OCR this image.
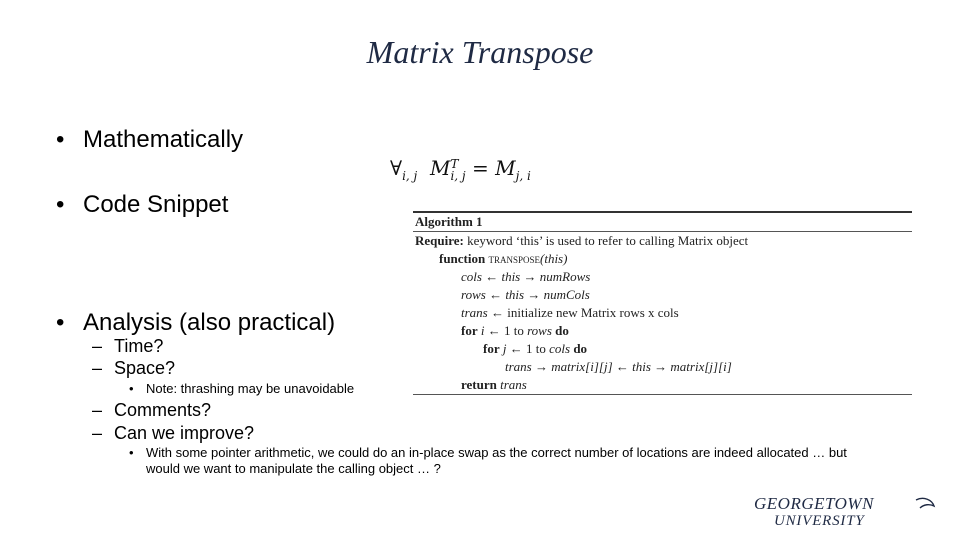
Matrix Transpose
• Mathematically
• Code Snippet
• Analysis (also practical)
– Time?
– Space?
• Note: thrashing may be unavoidable
– Comments?
– Can we improve?
• With some pointer arithmetic, we could do an in-place swap as the correct number of locations are indeed allocated … but would we want to manipulate the calling object … ?
$\forall_{i, j}$ M T
i, $j = M_{j, i}$
Algorithm 1
Require: keyword ‘this’ is used to refer to calling Matrix object
function transpose(this)
cols ← this → numRows
rows ← this → numCols
trans ← initialize new Matrix rows x cols
for i ← 1 to rows do
for j ← 1 to cols do
trans → matrix[i][j] ← this → matrix[j][i]
return trans
GEORGETOWN
UNIVERSITY
